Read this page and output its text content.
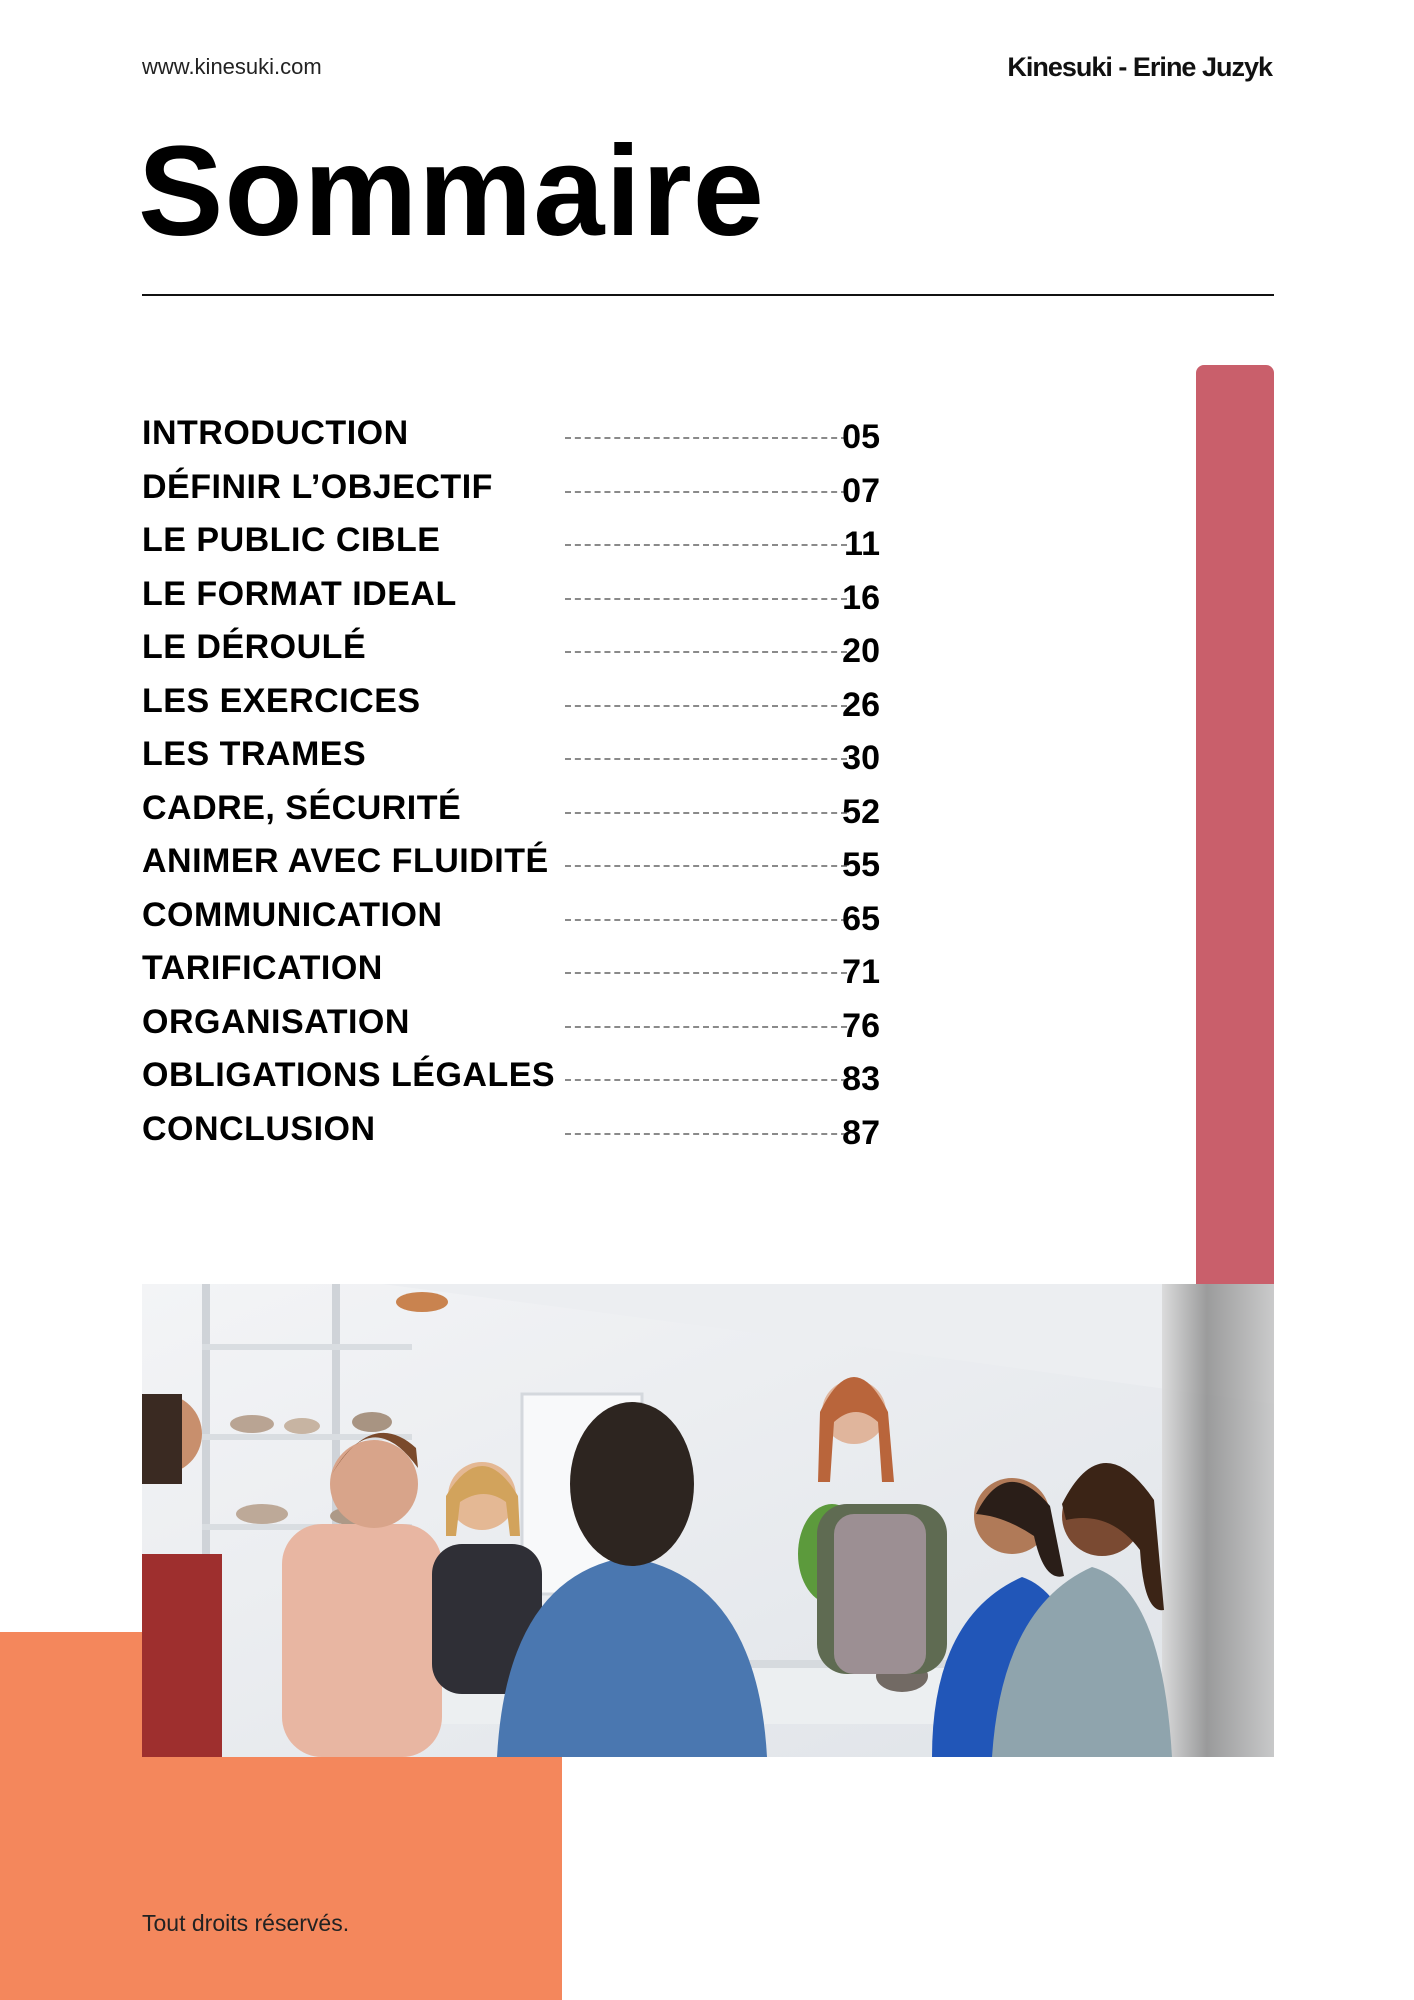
www.kinesuki.com	Kinesuki - Erine Juzyk
Sommaire
INTRODUCTION	05
DÉFINIR L’OBJECTIF	07
LE PUBLIC CIBLE	11
LE FORMAT IDEAL	16
LE DÉROULÉ	20
LES EXERCICES	26
LES TRAMES	30
CADRE, SÉCURITÉ	52
ANIMER AVEC FLUIDITÉ	55
COMMUNICATION	65
TARIFICATION	71
ORGANISATION	76
OBLIGATIONS LÉGALES	83
CONCLUSION	87
Tout droits réservés.
